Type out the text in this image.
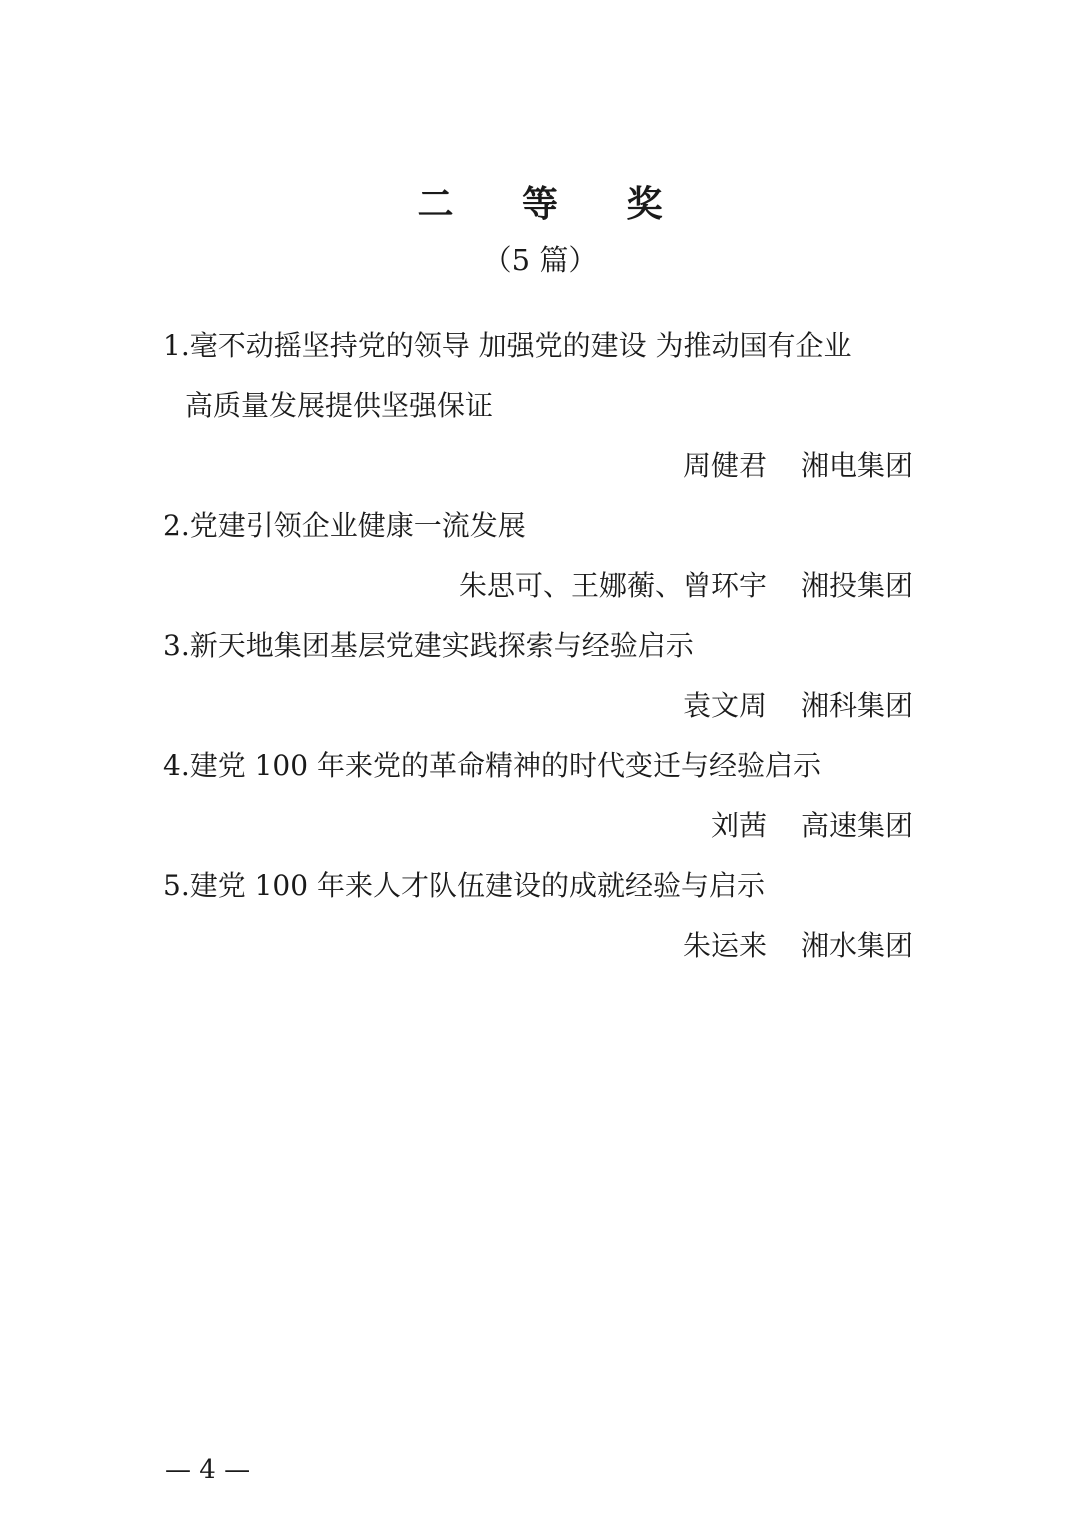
二 等 奖
（5 篇）
1.毫不动摇坚持党的领导 加强党的建设 为推动国有企业
高质量发展提供坚强保证
周健君 湘电集团
2.党建引领企业健康一流发展
朱思可、王娜蘅、曾环宇 湘投集团
3.新天地集团基层党建实践探索与经验启示
袁文周 湘科集团
4.建党 100 年来党的革命精神的时代变迁与经验启示
刘茜 高速集团
5.建党 100 年来人才队伍建设的成就经验与启示
朱运来 湘水集团
— 4 —
